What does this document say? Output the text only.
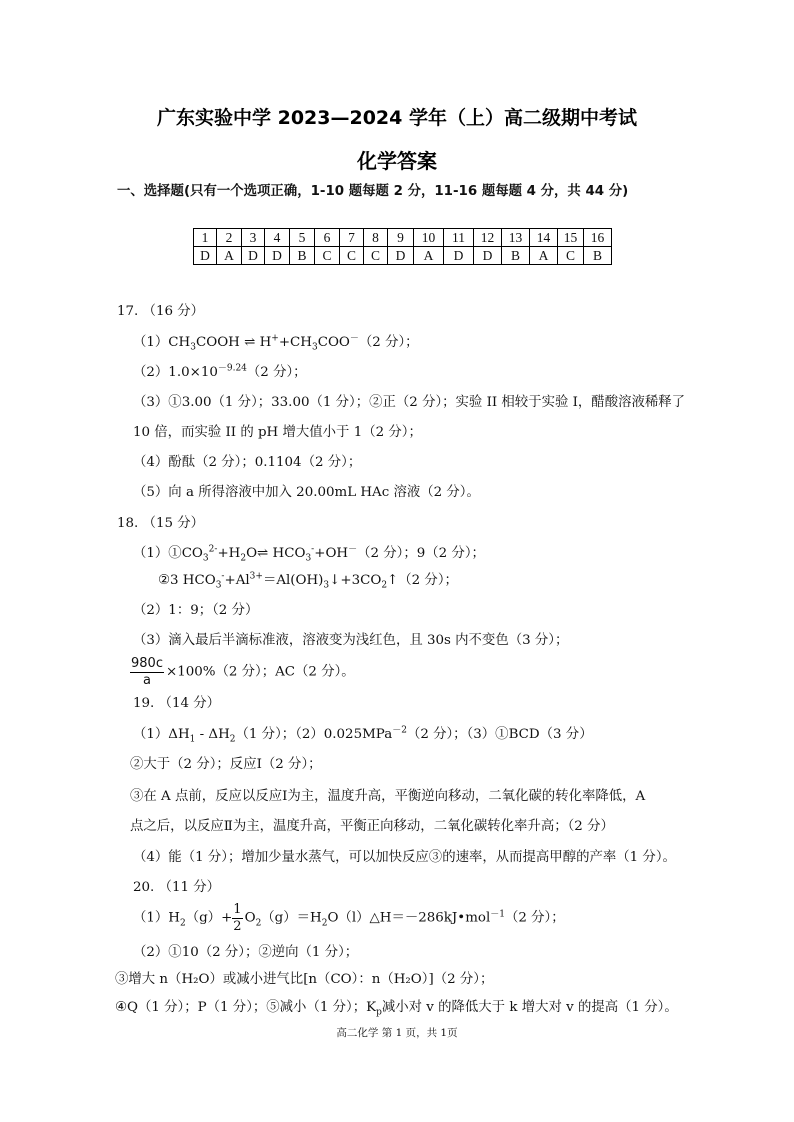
广东实验中学 2023—2024 学年（上）高二级期中考试
化学答案
一、选择题(只有一个选项正确，1-10 题每题 2 分，11-16 题每题 4 分，共 44 分)
1	2	3	4	5	6	7	8	9	10	11	12	13	14	15	16
D	A	D	D	B	C	C	C	D	A	D	D	B	A	C	B
17. （16 分）
$(1)CH_3COOH$ ⇌ $H^++CH_3COO^-(2$ 分）；
$(2)1.0\times 10^{-9.24}(2$ 分）；
（3）①3.00（1 分）；33.00（1 分）；②正（2 分）；实验 II 相较于实验 I，醋酸溶液稀释了
10 倍，而实验 II 的 pH 增大值小于 1（2 分）；
（4）酚酞（2 分）；0.1104（2 分）；
（5）向 a 所得溶液中加入 20.00mL HAc 溶液（2 分）。
18. （15 分）
$(1)①CO_3^{2-}+H_2O\rightleftharpoons$ $HCO_3^-+OH^-(2$ 分）；9（2 分）；
②3 $HCO_3^-+Al^{3+}=Al(OH)_3↓+3CO_2↑(2$ 分）；
（2）1：9；（2 分）
（3）滴入最后半滴标准液，溶液变为浅红色，且 30s 内不变色（3 分）；
$\frac{980c}{a} \times 100\%(2$ 分）；AC（2 分）。
19. （14 分）
$(1)\Delta H_1 - \Delta H_2(1$ 分）；（2）0.025MPa$^{-2}$（2 分）；（3）①BCD（3 分）
②大于（2 分）；反应Ⅰ（2 分）；
③在 A 点前，反应以反应Ⅰ为主，温度升高，平衡逆向移动，二氧化碳的转化率降低，A
点之后，以反应Ⅱ为主，温度升高，平衡正向移动，二氧化碳转化率升高；（2 分）
（4）能（1 分）；增加少量水蒸气，可以加快反应③的速率，从而提高甲醇的产率（1 分）。
20. （11 分）
$(1)H_2(g)+ \frac{1}{2}$ $O_2(g)=H_2O(l)\triangle H=-286kJ•mol^{-1}(2$ 分）；
（2）①10（2 分）；②逆向（1 分）；
③增大 n（H₂O）或减小进气比[n（CO）：n（H₂O）]（2 分）；
④Q（1 分）；P（1 分）；⑤减小（1 分）；$K_p$减小对 v 的降低大于 k 增大对 v 的提高（1 分）。
高二化学 第 1 页，共 1页
